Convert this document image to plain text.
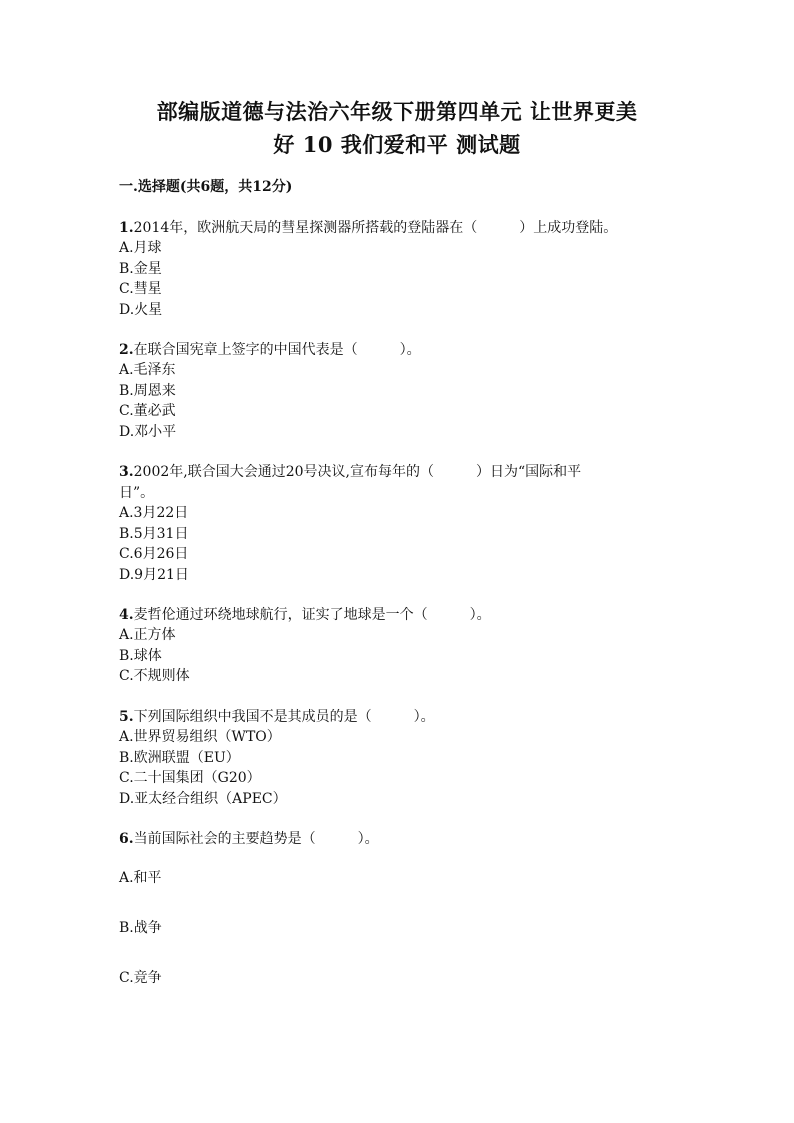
部编版道德与法治六年级下册第四单元 让世界更美
好 10 我们爱和平 测试题
一.选择题(共6题，共12分)
1.2014年，欧洲航天局的彗星探测器所搭载的登陆器在（　　　）上成功登陆。
A.月球
B.金星
C.彗星
D.火星
2.在联合国宪章上签字的中国代表是（　　　）。
A.毛泽东
B.周恩来
C.董必武
D.邓小平
3.2002年,联合国大会通过20号决议,宣布每年的（　　　）日为“国际和平
日”。
A.3月22日
B.5月31日
C.6月26日
D.9月21日
4.麦哲伦通过环绕地球航行，证实了地球是一个（　　　）。
A.正方体
B.球体
C.不规则体
5.下列国际组织中我国不是其成员的是（　　　）。
A.世界贸易组织（WTO）
B.欧洲联盟（EU）
C.二十国集团（G20）
D.亚太经合组织（APEC）
6.当前国际社会的主要趋势是（　　　）。
A.和平
B.战争
C.竞争
